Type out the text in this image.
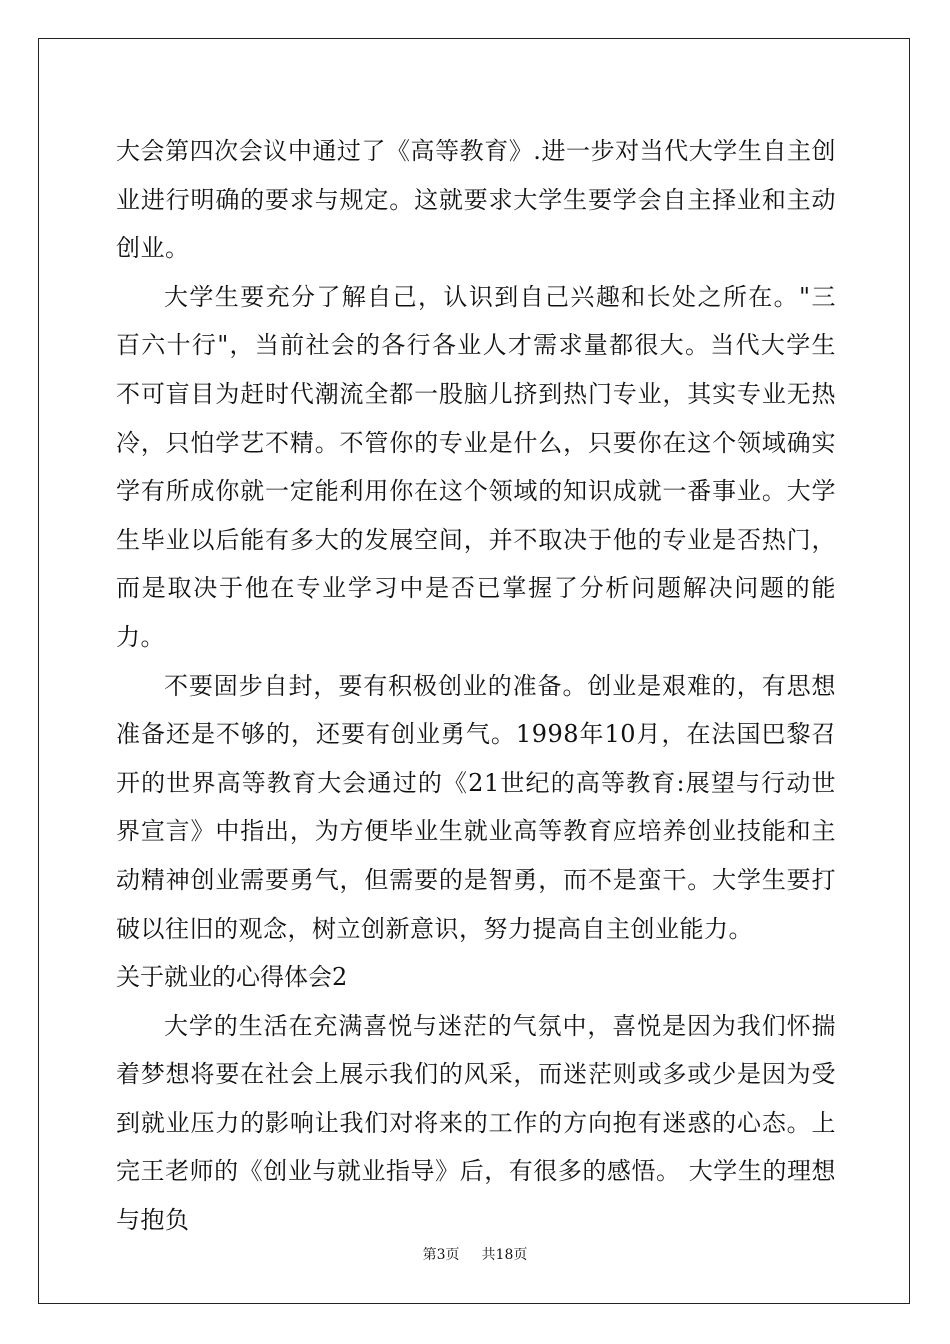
大会第四次会议中通过了《高等教育》.进一步对当代大学生自主创业进行明确的要求与规定。这就要求大学生要学会自主择业和主动创业。

大学生要充分了解自己，认识到自己兴趣和长处之所在。"三百六十行"，当前社会的各行各业人才需求量都很大。当代大学生不可盲目为赶时代潮流全都一股脑儿挤到热门专业，其实专业无热冷，只怕学艺不精。不管你的专业是什么，只要你在这个领域确实学有所成你就一定能利用你在这个领域的知识成就一番事业。大学生毕业以后能有多大的发展空间，并不取决于他的专业是否热门，而是取决于他在专业学习中是否已掌握了分析问题解决问题的能力。

不要固步自封，要有积极创业的准备。创业是艰难的，有思想准备还是不够的，还要有创业勇气。1998年10月，在法国巴黎召开的世界高等教育大会通过的《21世纪的高等教育:展望与行动世界宣言》中指出，为方便毕业生就业高等教育应培养创业技能和主动精神创业需要勇气，但需要的是智勇，而不是蛮干。大学生要打破以往旧的观念，树立创新意识，努力提高自主创业能力。

关于就业的心得体会2

大学的生活在充满喜悦与迷茫的气氛中，喜悦是因为我们怀揣着梦想将要在社会上展示我们的风采，而迷茫则或多或少是因为受到就业压力的影响让我们对将来的工作的方向抱有迷惑的心态。上完王老师的《创业与就业指导》后，有很多的感悟。 大学生的理想与抱负

第3页 共18页
